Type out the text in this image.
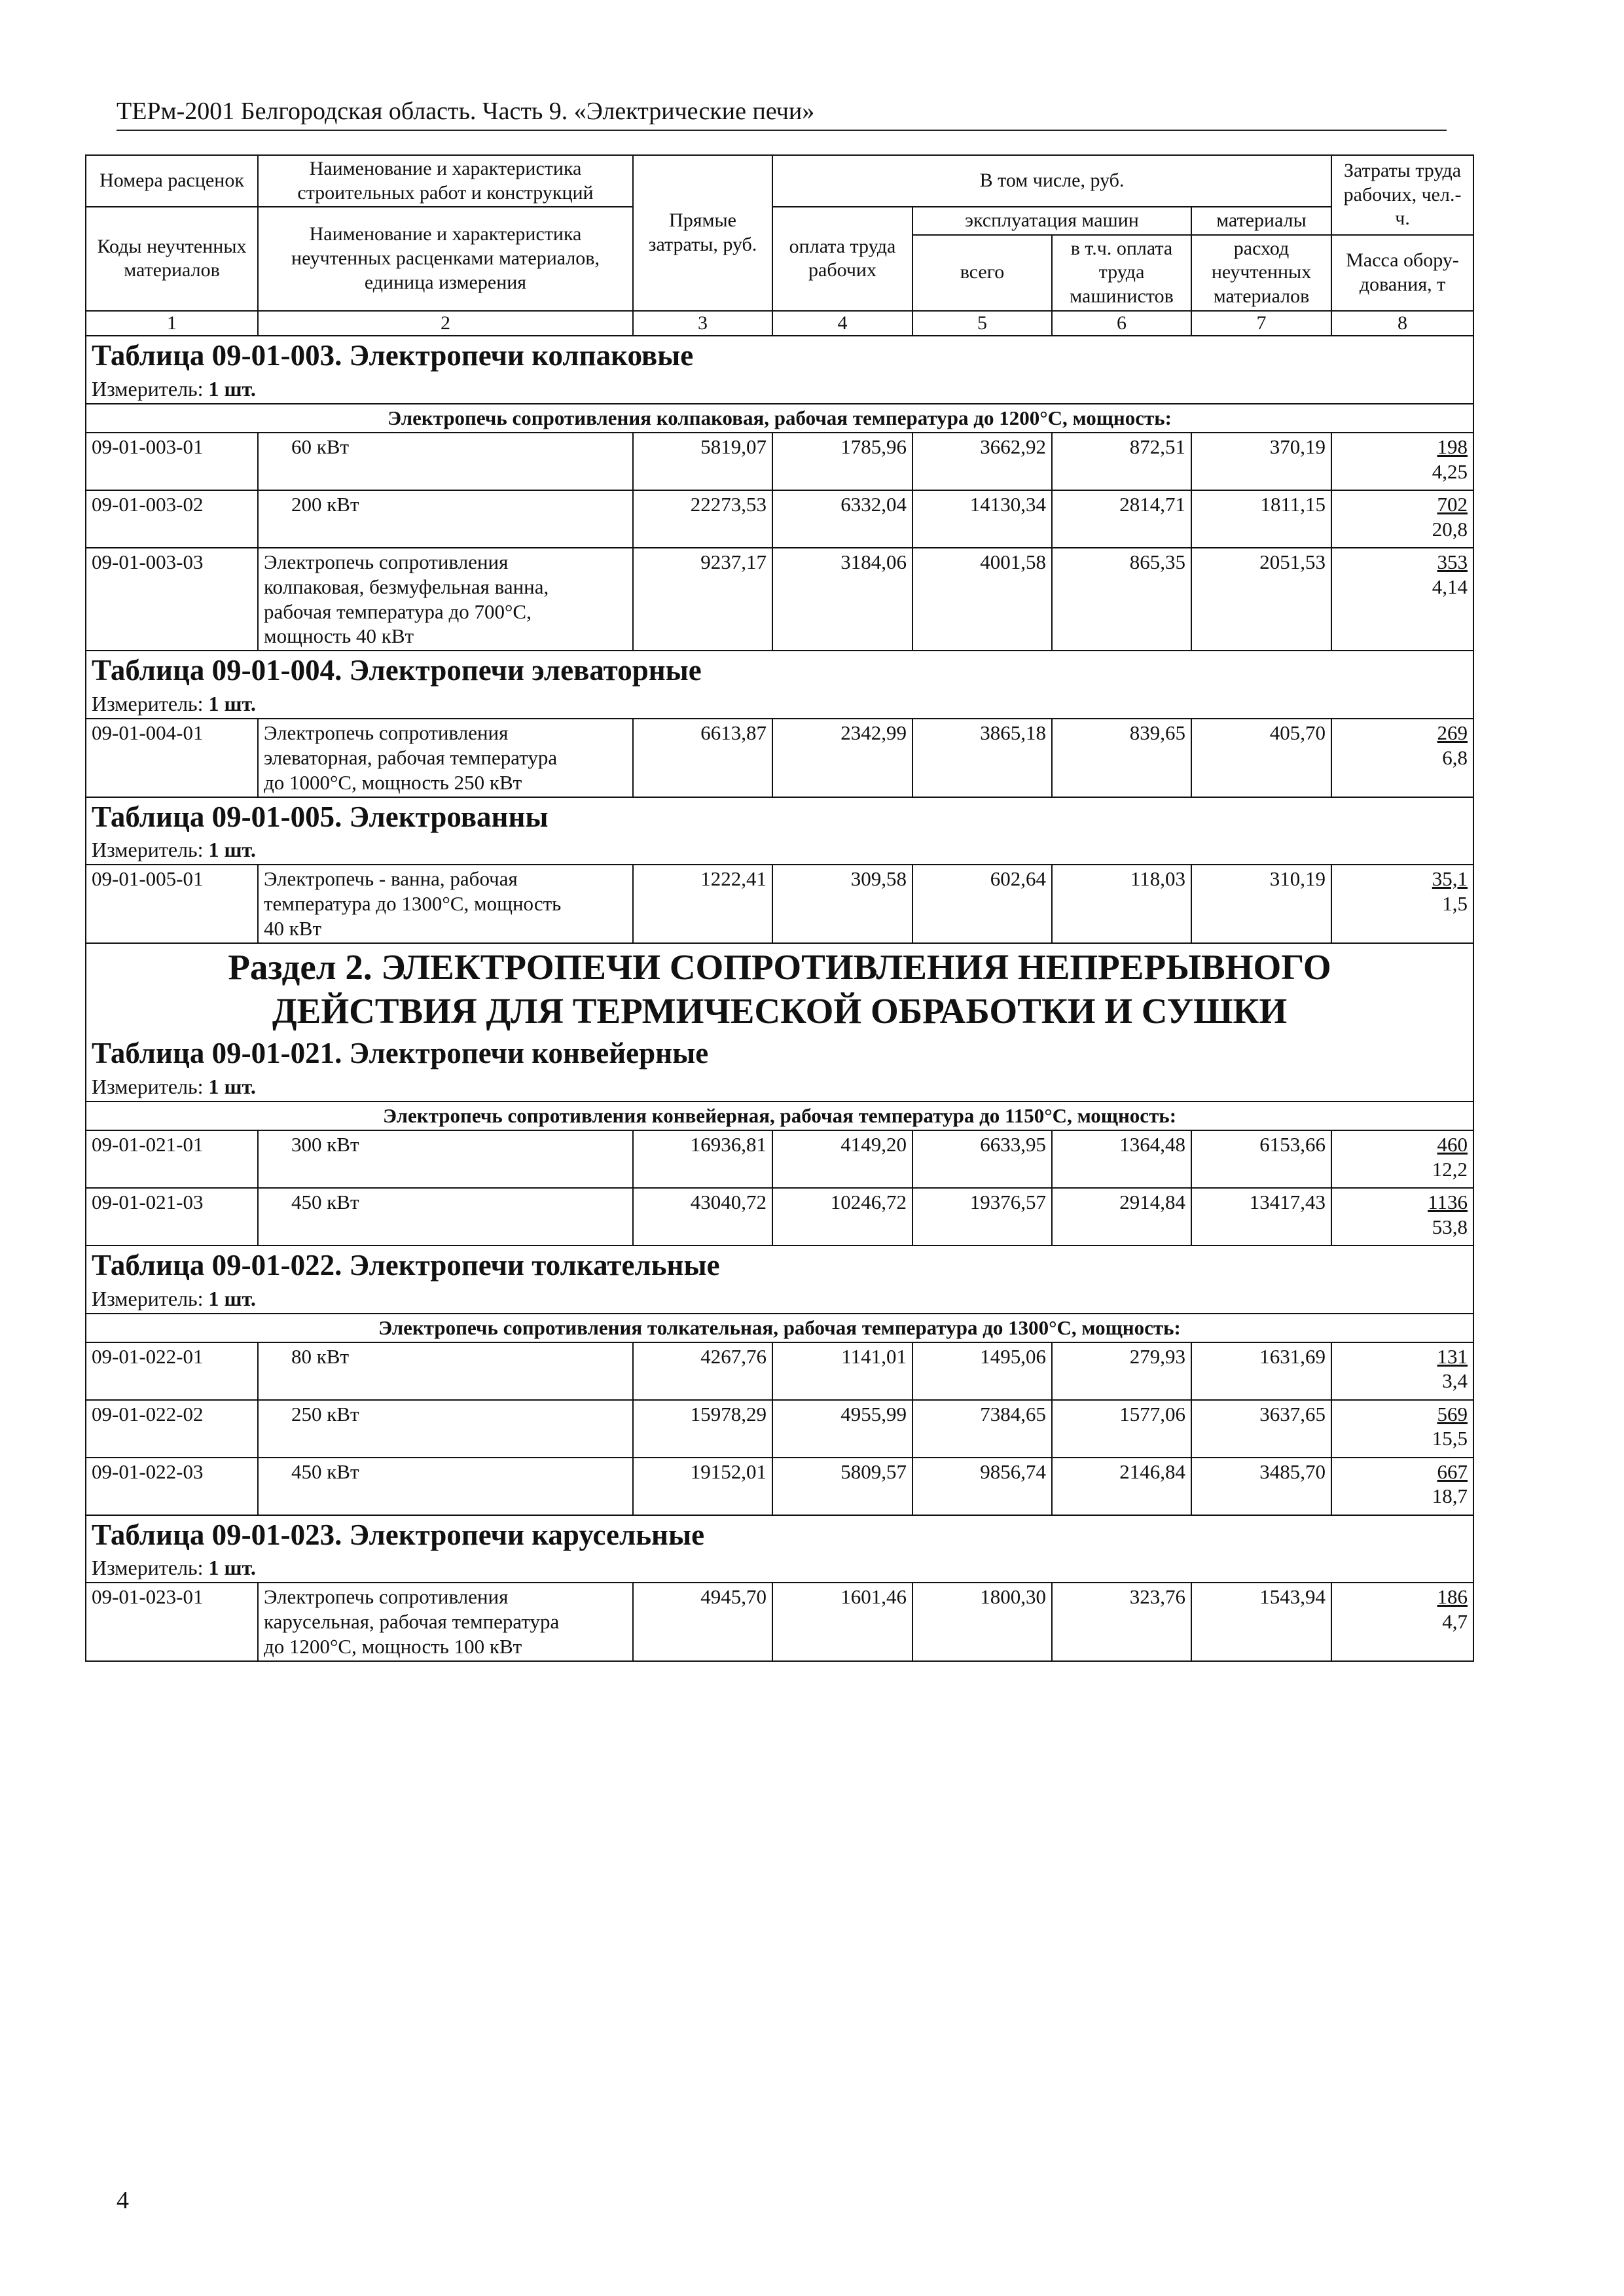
ТЕРм-2001 Белгородская область. Часть 9. «Электрические печи»
Номера расценок	Наименование и характеристика строительных работ и конструкций	Прямые затраты, руб.	В том числе, руб.				Затраты труда рабочих, чел.-ч.
Коды неучтенных материалов	Наименование и характеристика неучтенных расценками материалов, единица измерения		оплата труда рабочих	эксплуатация машин		материалы	
				всего	в т.ч. оплата труда машинистов	расход неучтенных материалов	Масса обору-дования, т
1	2	3	4	5	6	7	8
Таблица 09-01-003. Электропечи колпаковые							
Измеритель: 1 шт.							
Электропечь сопротивления колпаковая, рабочая температура до 1200°С, мощность:							
09-01-003-01	60 кВт	5819,07	1785,96	3662,92	872,51	370,19	198
4,25
09-01-003-02	200 кВт	22273,53	6332,04	14130,34	2814,71	1811,15	702
20,8
09-01-003-03	Электропечь сопротивления
колпаковая, безмуфельная ванна,
рабочая температура до 700°С,
мощность 40 кВт	9237,17	3184,06	4001,58	865,35	2051,53	353
4,14
Таблица 09-01-004. Электропечи элеваторные							
Измеритель: 1 шт.							
09-01-004-01	Электропечь сопротивления
элеваторная, рабочая температура
до 1000°С, мощность 250 кВт	6613,87	2342,99	3865,18	839,65	405,70	269
6,8
Таблица 09-01-005. Электрованны							
Измеритель: 1 шт.							
09-01-005-01	Электропечь - ванна, рабочая
температура до 1300°С, мощность
40 кВт	1222,41	309,58	602,64	118,03	310,19	35,1
1,5
Раздел 2. ЭЛЕКТРОПЕЧИ СОПРОТИВЛЕНИЯ НЕПРЕРЫВНОГО
ДЕЙСТВИЯ ДЛЯ ТЕРМИЧЕСКОЙ ОБРАБОТКИ И СУШКИ							
Таблица 09-01-021. Электропечи конвейерные							
Измеритель: 1 шт.							
Электропечь сопротивления конвейерная, рабочая температура до 1150°С, мощность:							
09-01-021-01	300 кВт	16936,81	4149,20	6633,95	1364,48	6153,66	460
12,2
09-01-021-03	450 кВт	43040,72	10246,72	19376,57	2914,84	13417,43	1136
53,8
Таблица 09-01-022. Электропечи толкательные							
Измеритель: 1 шт.							
Электропечь сопротивления толкательная, рабочая температура до 1300°С, мощность:							
09-01-022-01	80 кВт	4267,76	1141,01	1495,06	279,93	1631,69	131
3,4
09-01-022-02	250 кВт	15978,29	4955,99	7384,65	1577,06	3637,65	569
15,5
09-01-022-03	450 кВт	19152,01	5809,57	9856,74	2146,84	3485,70	667
18,7
Таблица 09-01-023. Электропечи карусельные							
Измеритель: 1 шт.							
09-01-023-01	Электропечь сопротивления
карусельная, рабочая температура
до 1200°С, мощность 100 кВт	4945,70	1601,46	1800,30	323,76	1543,94	186
4,7
4
